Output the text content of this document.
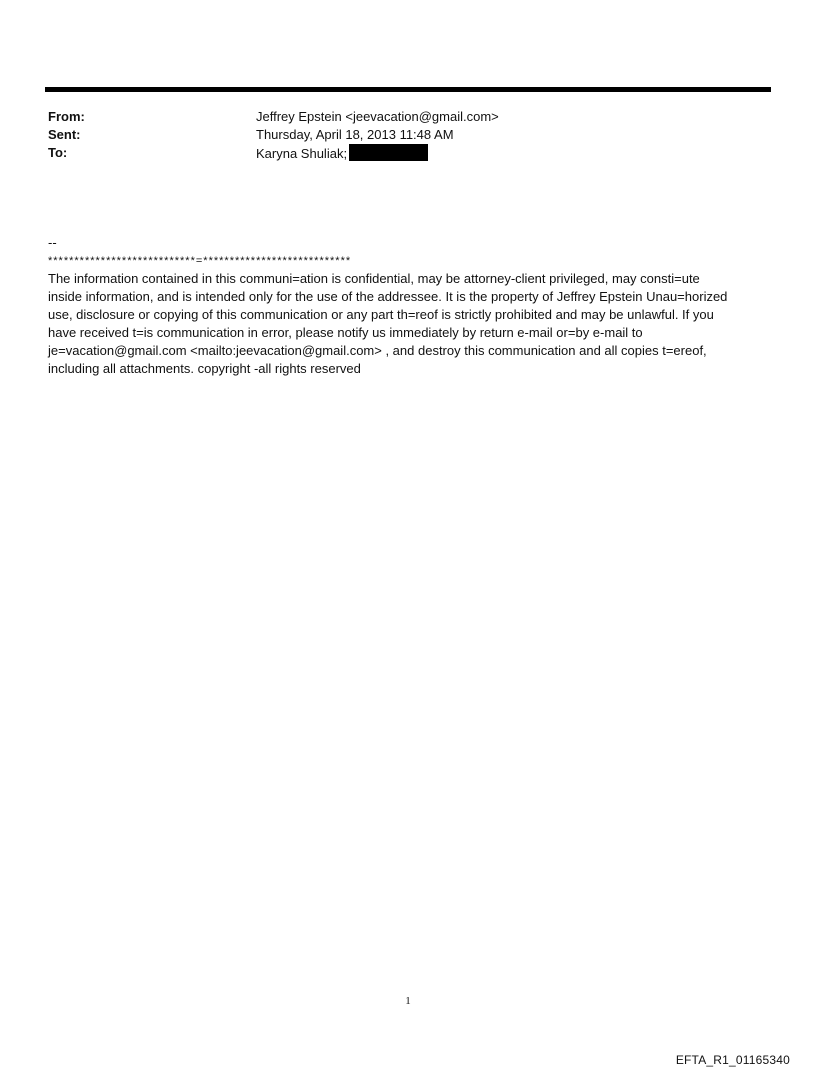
From:	Jeffrey Epstein <jeevacation@gmail.com>
Sent:	Thursday, April 18, 2013 11:48 AM
To:	Karyna Shuliak;
--
****************************=****************************
The information contained in this communi=ation is confidential, may be attorney-client privileged, may consti=ute
inside information, and is intended only for the use of the addressee. It is the property of Jeffrey Epstein Unau=horized
use, disclosure or copying of this communication or any part th=reof is strictly prohibited and may be unlawful. If you
have received t=is communication in error, please notify us immediately by return e-mail or=by e-mail to
je=vacation@gmail.com <mailto:jeevacation@gmail.com> , and destroy this communication and all copies t=ereof,
including all attachments. copyright -all rights reserved
1
EFTA_R1_01165340
